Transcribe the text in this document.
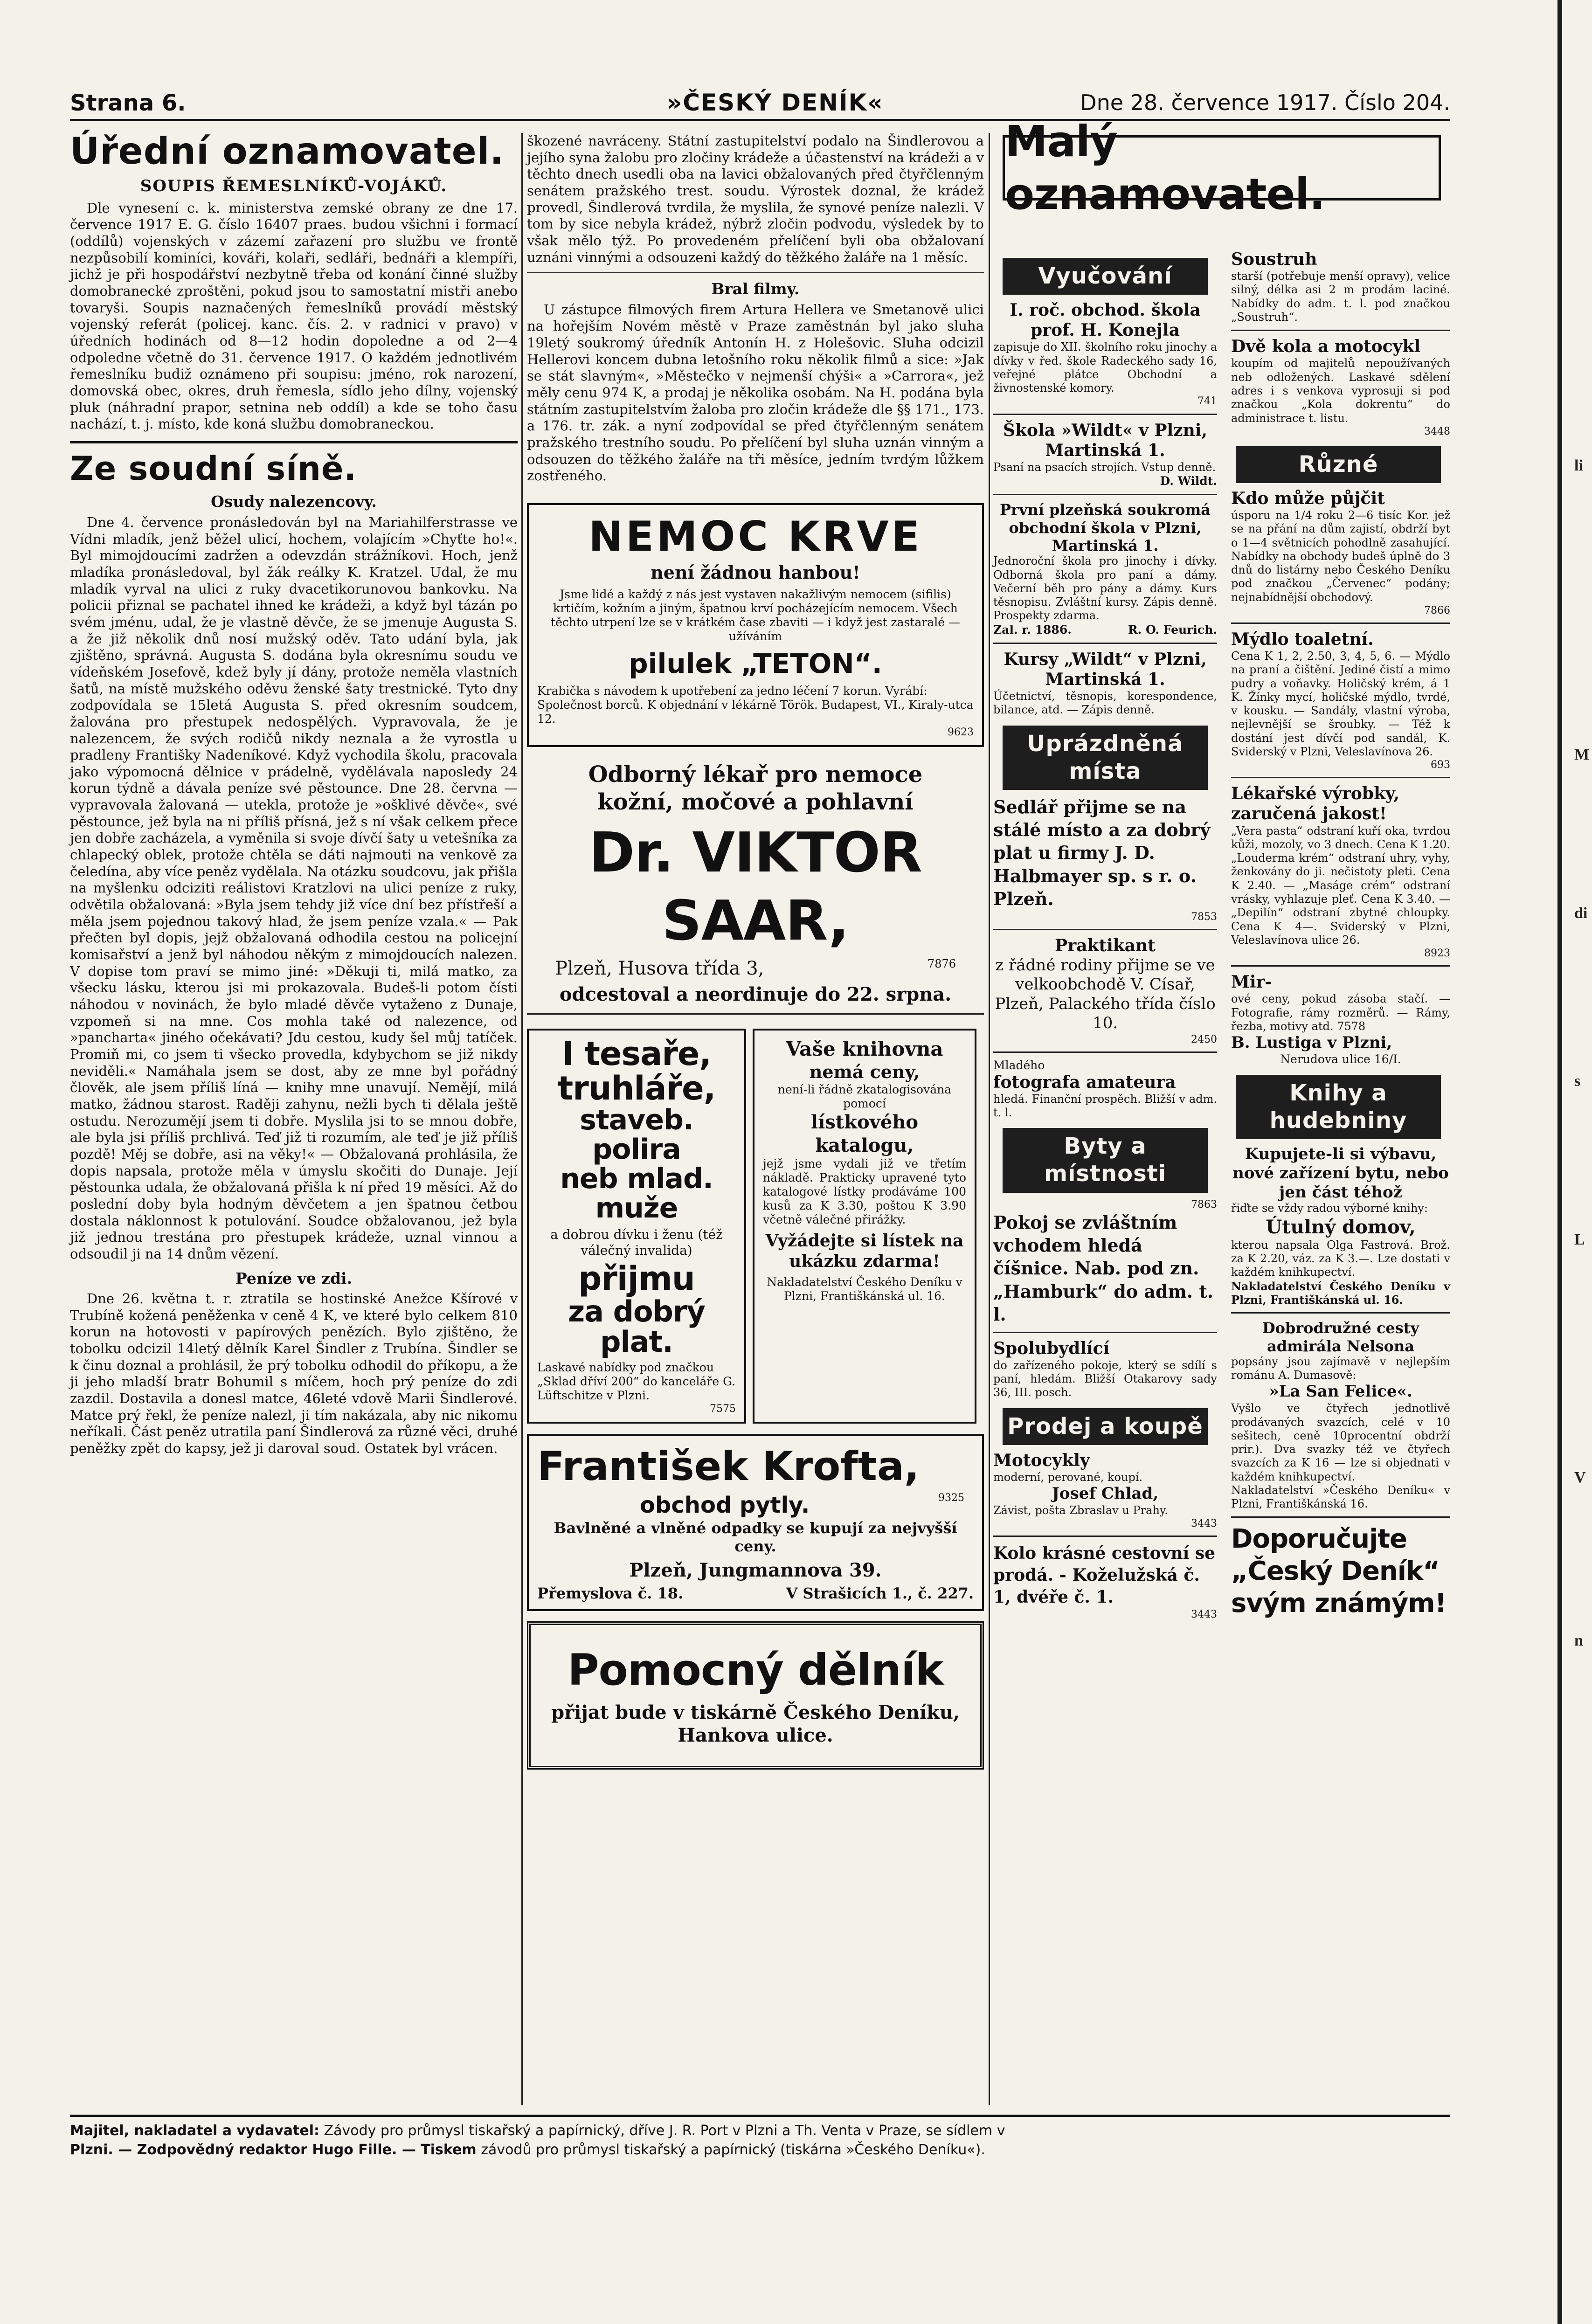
Strana 6.	»ČESKÝ DENÍK«	Dne 28. července 1917. Číslo 204.
Úřední oznamovatel.
SOUPIS ŘEMESLNÍKŮ-VOJÁKŮ.

Dle vynesení c. k. ministerstva zemské obrany ze dne 17. července 1917 E. G. číslo 16407 praes. budou všichni i formací (oddílů) vojenských v zázemí zařazení pro službu ve frontě nezpůsobilí kominíci, kováři, kolaři, sedláři, bednáři a klempíři, jichž je při hospodářství nezbytně třeba od konání činné služby domobranecké zproštěni, pokud jsou to samostatní mistři anebo tovaryši. Soupis naznačených řemeslníků provádí městský vojenský referát (policej. kanc. čís. 2. v radnici v pravo) v úředních hodinách od 8—12 hodin dopoledne a od 2—4 odpoledne včetně do 31. července 1917. O každém jednotlivém řemeslníku budiž oznámeno při soupisu: jméno, rok narození, domovská obec, okres, druh řemesla, sídlo jeho dílny, vojenský pluk (náhradní prapor, setnina neb oddíl) a kde se toho času nachází, t. j. místo, kde koná službu domobraneckou.

Ze soudní síně.
Osudy nalezencovy.

Dne 4. července pronásledován byl na Mariahilferstrasse ve Vídni mladík, jenž běžel ulicí, hochem, volajícím »Chyťte ho!«. Byl mimojdoucími zadržen a odevzdán strážníkovi. Hoch, jenž mladíka pronásledoval, byl žák reálky K. Kratzel. Udal, že mu mladík vyrval na ulici z ruky dvacetikorunovou bankovku. Na policii přiznal se pachatel ihned ke krádeži, a když byl tázán po svém jménu, udal, že je vlastně děvče, že se jmenuje Augusta S. a že již několik dnů nosí mužský oděv. Tato udání byla, jak zjištěno, správná. Augusta S. dodána byla okresnímu soudu ve vídeňském Josefově, kdež byly jí dány, protože neměla vlastních šatů, na místě mužského oděvu ženské šaty trestnické. Tyto dny zodpovídala se 15letá Augusta S. před okresním soudcem, žalována pro přestupek nedospělých. Vypravovala, že je nalezencem, že svých rodičů nikdy neznala a že vyrostla u pradleny Františky Nadeníkové. Když vychodila školu, pracovala jako výpomocná dělnice v prádelně, vydělávala naposledy 24 korun týdně a dávala peníze své pěstounce. Dne 28. června — vypravovala žalovaná — utekla, protože je »ošklivé děvče«, své pěstounce, jež byla na ni příliš přísná, jež s ní však celkem přece jen dobře zacházela, a vyměnila si svoje dívčí šaty u vetešníka za chlapecký oblek, protože chtěla se dáti najmouti na venkově za čeledína, aby více peněz vydělala. Na otázku soudcovu, jak přišla na myšlenku odciziti reálistovi Kratzlovi na ulici peníze z ruky, odvětila obžalovaná: »Byla jsem tehdy již více dní bez přístřeší a měla jsem pojednou takový hlad, že jsem peníze vzala.« — Pak přečten byl dopis, jejž obžalovaná odhodila cestou na policejní komisařství a jenž byl náhodou někým z mimojdoucích nalezen. V dopise tom praví se mimo jiné: »Děkuji ti, milá matko, za všecku lásku, kterou jsi mi prokazovala. Budeš-li potom čísti náhodou v novinách, že bylo mladé děvče vytaženo z Dunaje, vzpomeň si na mne. Cos mohla také od nalezence, od »pancharta« jiného očekávati? Jdu cestou, kudy šel můj tatíček. Promiň mi, co jsem ti všecko provedla, kdybychom se již nikdy neviděli.« Namáhala jsem se dost, aby ze mne byl pořádný člověk, ale jsem příliš líná — knihy mne unavují. Nemějí, milá matko, žádnou starost. Raději zahynu, nežli bych ti dělala ještě ostudu. Nerozumějí jsem ti dobře. Myslila jsi to se mnou dobře, ale byla jsi příliš prchlivá. Teď již ti rozumím, ale teď je již příliš pozdě! Měj se dobře, asi na věky!« — Obžalovaná prohlásila, že dopis napsala, protože měla v úmyslu skočiti do Dunaje. Její pěstounka udala, že obžalovaná přišla k ní před 19 měsíci. Až do poslední doby byla hodným děvčetem a jen špatnou četbou dostala náklonnost k potulování. Soudce obžalovanou, jež byla již jednou trestána pro přestupek krádeže, uznal vinnou a odsoudil ji na 14 dnům vězení.

Peníze ve zdi.

Dne 26. května t. r. ztratila se hostinské Anežce Kšírové v Trubíně kožená peněženka v ceně 4 K, ve které bylo celkem 810 korun na hotovosti v papírových penězích. Bylo zjištěno, že tobolku odcizil 14letý dělník Karel Šindler z Trubína. Šindler se k činu doznal a prohlásil, že prý tobolku odhodil do příkopu, a že ji jeho mladší bratr Bohumil s míčem, hoch prý peníze do zdi zazdil. Dostavila a donesl matce, 46leté vdově Marii Šindlerové. Matce prý řekl, že peníze nalezl, ji tím nakázala, aby nic nikomu neříkali. Část peněz utratila paní Šindlerová za různé věci, druhé peněžky zpět do kapsy, jež ji daroval soud. Ostatek byl vrácen.

škozené navráceny. Státní zastupitelství podalo na Šindlerovou a jejího syna žalobu pro zločiny krádeže a účastenství na krádeži a v těchto dnech usedli oba na lavici obžalovaných před čtyřčlenným senátem pražského trest. soudu. Výrostek doznal, že krádež provedl, Šindlerová tvrdila, že myslila, že synové peníze nalezli. V tom by sice nebyla krádež, nýbrž zločin podvodu, výsledek by to však mělo týž. Po provedeném přelíčení byli oba obžalovaní uznáni vinnými a odsouzeni každý do těžkého žaláře na 1 měsíc.

Bral filmy.

U zástupce filmových firem Artura Hellera ve Smetanově ulici na hořejším Novém městě v Praze zaměstnán byl jako sluha 19letý soukromý úředník Antonín H. z Holešovic. Sluha odcizil Hellerovi koncem dubna letošního roku několik filmů a sice: »Jak se stát slavným«, »Městečko v nejmenší chýši« a »Carrora«, jež měly cenu 974 K, a prodaj je několika osobám. Na H. podána byla státním zastupitelstvím žaloba pro zločin krádeže dle §§ 171., 173. a 176. tr. zák. a nyní zodpovídal se před čtyřčlenným senátem pražského trestního soudu. Po přelíčení byl sluha uznán vinným a odsouzen do těžkého žaláře na tři měsíce, jedním tvrdým lůžkem zostřeného.

NEMOC KRVE
není žádnou hanbou!

Jsme lidé a každý z nás jest vystaven nakažlivým nemocem (sifilis) krtičím, kožním a jiným, špatnou krví pocházejícím nemocem. Všech těchto utrpení lze se v krátkém čase zbaviti — i když jest zastaralé — užíváním

pilulek „TETON“.

Krabička s návodem k upotřebení za jedno léčení 7 korun. Vyrábí: Společnost borců. K objednání v lékárně Török. Budapest, VI., Kiraly-utca 12.

9623
Odborný lékař pro nemoce
kožní, močové a pohlavní
Dr. VIKTOR SAAR,
Plzeň, Husova třída 3,	7876
odcestoval a neordinuje do 22. srpna.
I tesaře,
truhláře,
staveb. polira
neb mlad. muže
a dobrou dívku i ženu (též válečný invalida)
přijmu
za dobrý plat.

Laskavé nabídky pod značkou „Sklad dříví 200“ do kanceláře G. Lüftschitze v Plzni.

7575
Vaše knihovna
nemá ceny,

není-li řádně zkatalogisována pomocí

lístkového katalogu,

jejž jsme vydali již ve třetím nákladě. Prakticky upravené tyto katalogové lístky prodáváme 100 kusů za K 3.30, poštou K 3.90 včetně válečné přirážky.

Vyžádejte si lístek na ukázku zdarma!

Nakladatelství Českého Deníku v Plzni, Františkánská ul. 16.

František Krofta,
obchod pytly.	9325
Bavlněné a vlněné odpadky se kupují za nejvyšší ceny.
Plzeň, Jungmannova 39.
Přemyslova č. 18.	V Strašicích 1., č. 227.
Pomocný dělník
přijat bude v tiskárně Českého Deníku, Hankova ulice.
Malý oznamovatel.
Vyučování
I. roč. obchod. škola prof. H. Konejla

zapisuje do XII. školního roku jinochy a dívky v řed. škole Radeckého sady 16, veřejné plátce Obchodní a živnostenské komory.

741
Škola »Wildt« v Plzni, Martinská 1.

Psaní na psacích strojích. Vstup denně.

D. Wildt.
První plzeňská soukromá obchodní škola v Plzni, Martinská 1.

Jednoroční škola pro jinochy i dívky. Odborná škola pro paní a dámy. Večerní běh pro pány a dámy. Kurs těsnopisu. Zvláštní kursy. Zápis denně. Prospekty zdarma.

Zal. r. 1886.	R. O. Feurich.
Kursy „Wildt“ v Plzni, Martinská 1.

Účetnictví, těsnopis, korespondence, bilance, atd. — Zápis denně.

Uprázdněná místa
Sedlář přijme se na stálé místo a za dobrý plat u firmy J. D. Halbmayer sp. s r. o. Plzeň.
7853
Praktikant
z řádné rodiny přijme se ve velkoobchodě V. Císař, Plzeň, Palackého třída číslo 10.
2450
Mladého
fotografa amateura

hledá. Finanční prospěch. Bližší v adm. t. l.

Byty a místnosti
7863
Pokoj se zvláštním vchodem hledá číšnice. Nab. pod zn. „Hamburk“ do adm. t. l.
Spolubydlící

do zařízeného pokoje, který se sdílí s paní, hledám. Bližší Otakarovy sady 36, III. posch.

Prodej a koupě
Motocykly

moderní, perované, koupí.

Josef Chlad,

Závist, pošta Zbraslav u Prahy.

3443
Kolo krásné cestovní se prodá. - Koželužská č. 1, dvéře č. 1.
3443
Soustruh

starší (potřebuje menší opravy), velice silný, délka asi 2 m prodám laciné. Nabídky do adm. t. l. pod značkou „Soustruh“.

Dvě kola a motocykl

koupím od majitelů nepoužívaných neb odložených. Laskavé sdělení adres i s venkova vyprosuji si pod značkou „Kola dokrentu“ do administrace t. listu.

3448
Různé
Kdo může půjčit

úsporu na 1/4 roku 2—6 tisíc Kor. jež se na přání na dům zajistí, obdrží byt o 1—4 světnicích pohodlně zasahující. Nabídky na obchody budeš úplně do 3 dnů do listárny nebo Českého Deníku pod značkou „Červenec“ podány; nejnabídnější obchodový.

7866
Mýdlo toaletní.

Cena K 1, 2, 2.50, 3, 4, 5, 6. — Mýdlo na praní a čištění. Jediné čistí a mimo pudry a voňavky. Holičský krém, á 1 K. Žínky mycí, holičské mýdlo, tvrdé, v kousku. — Sandály, vlastní výroba, nejlevnější se šroubky. — Též k dostání jest dívčí pod sandál, K. Sviderský v Plzni, Veleslavínova 26.

693
Lékařské výrobky, zaručená jakost!

„Vera pasta“ odstraní kuří oka, tvrdou kůži, mozoly, vo 3 dnech. Cena K 1.20. „Louderma krém“ odstraní uhry, vyhy, ženkovány do ji. nečistoty pleti. Cena K 2.40. — „Maságe crém“ odstraní vrásky, vyhlazuje pleť. Cena K 3.40. — „Depilín“ odstraní zbytné chloupky. Cena K 4—. Sviderský v Plzni, Veleslavínova ulice 26.

8923
Mir-

ové ceny, pokud zásoba stačí. — Fotografie, rámy rozměrů. — Rámy, řezba, motivy atd. 7578

B. Lustiga v Plzni,
Nerudova ulice 16/I.
Knihy a hudebniny
Kupujete-li si výbavu, nové zařízení bytu, nebo jen část téhož

řiďte se vždy radou výborné knihy:

Útulný domov,

kterou napsala Olga Fastrová. Brož. za K 2.20, váz. za K 3.—. Lze dostati v každém knihkupectví.

Nakladatelství Českého Deníku v Plzni, Františkánská ul. 16.

Dobrodružné cesty admirála Nelsona

popsány jsou zajímavě v nejlepším románu A. Dumasově:

»La San Felice«.

Vyšlo ve čtyřech jednotlivě prodávaných svazcích, celé v 10 sešitech, ceně 10procentní obdrží prir.). Dva svazky též ve čtyřech svazcích za K 16 — lze si objednati v každém knihkupectví.

Nakladatelství »Českého Deníku« v Plzni, Františkánská 16.

Doporučujte
„Český Deník“
svým známým!
Majitel, nakladatel a vydavatel: Závody pro průmysl tiskařský a papírnický, dříve J. R. Port v Plzni a Th. Venta v Praze, se sídlem v
Plzni. — Zodpovědný redaktor Hugo Fille. — Tiskem závodů pro průmysl tiskařský a papírnický (tiskárna »Českého Deníku«).
li
M
di
s
L
V
n
